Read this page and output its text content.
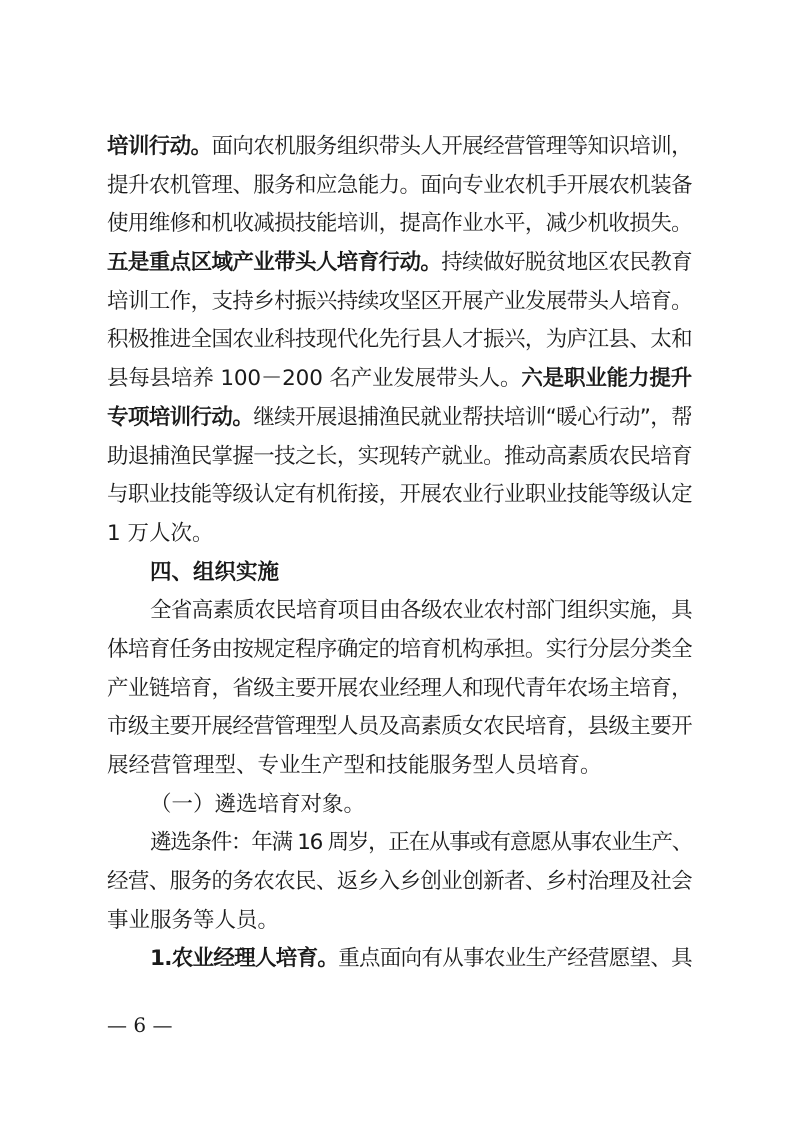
培训行动。面向农机服务组织带头人开展经营管理等知识培训，
提升农机管理、服务和应急能力。面向专业农机手开展农机装备
使用维修和机收减损技能培训，提高作业水平，减少机收损失。
五是重点区域产业带头人培育行动。持续做好脱贫地区农民教育
培训工作，支持乡村振兴持续攻坚区开展产业发展带头人培育。
积极推进全国农业科技现代化先行县人才振兴，为庐江县、太和
县每县培养 100－200 名产业发展带头人。六是职业能力提升
专项培训行动。继续开展退捕渔民就业帮扶培训“暖心行动”，帮
助退捕渔民掌握一技之长，实现转产就业。推动高素质农民培育
与职业技能等级认定有机衔接，开展农业行业职业技能等级认定
1 万人次。
四、组织实施
全省高素质农民培育项目由各级农业农村部门组织实施，具
体培育任务由按规定程序确定的培育机构承担。实行分层分类全
产业链培育，省级主要开展农业经理人和现代青年农场主培育，
市级主要开展经营管理型人员及高素质女农民培育，县级主要开
展经营管理型、专业生产型和技能服务型人员培育。
（一）遴选培育对象。
遴选条件：年满 16 周岁，正在从事或有意愿从事农业生产、
经营、服务的务农农民、返乡入乡创业创新者、乡村治理及社会
事业服务等人员。
1.农业经理人培育。重点面向有从事农业生产经营愿望、具
— 6 —
